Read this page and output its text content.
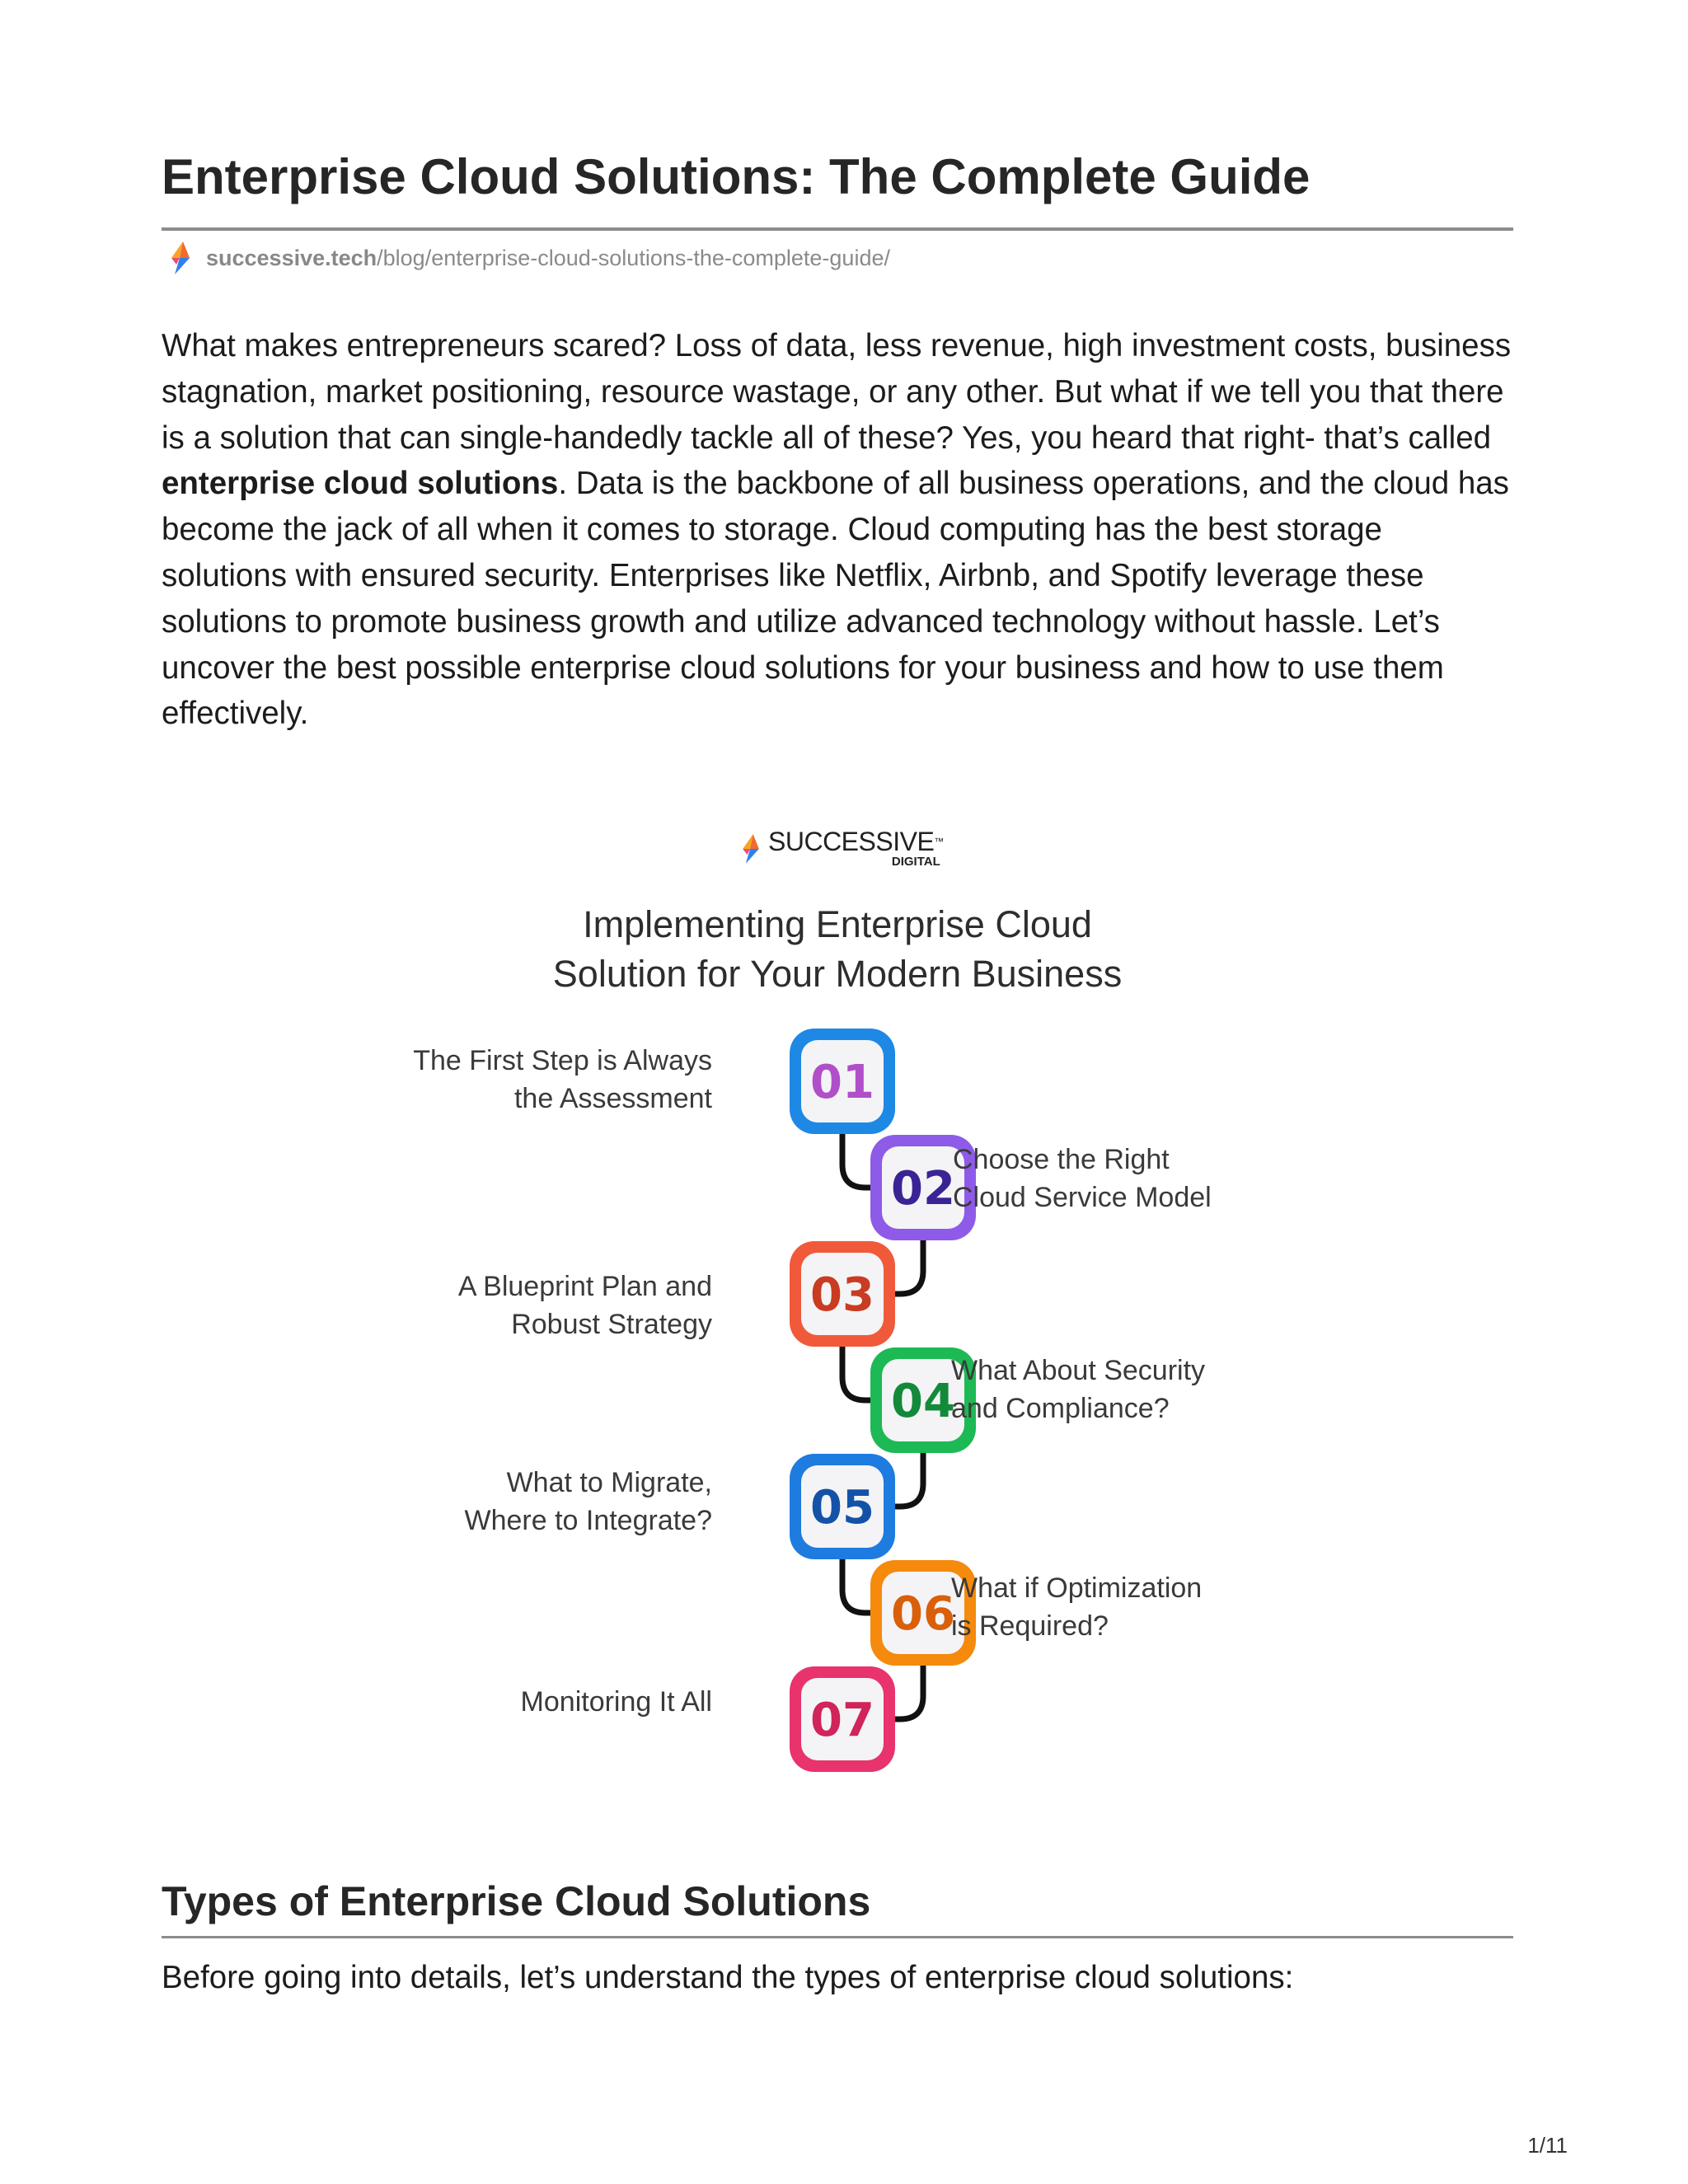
Enterprise Cloud Solutions: The Complete Guide
successive.tech/blog/enterprise-cloud-solutions-the-complete-guide/

What makes entrepreneurs scared? Loss of data, less revenue, high investment costs, business stagnation, market positioning, resource wastage, or any other. But what if we tell you that there is a solution that can single-handedly tackle all of these? Yes, you heard that right- that’s called enterprise cloud solutions. Data is the backbone of all business operations, and the cloud has become the jack of all when it comes to storage. Cloud computing has the best storage solutions with ensured security. Enterprises like Netflix, Airbnb, and Spotify leverage these solutions to promote business growth and utilize advanced technology without hassle. Let’s uncover the best possible enterprise cloud solutions for your business and how to use them effectively.

SUCCESSIVE™
DIGITAL
Implementing Enterprise Cloud
Solution for Your Modern Business
01
02
03
04
05
06
07
The First Step is Always
the Assessment
Choose the Right
Cloud Service Model
A Blueprint Plan and
Robust Strategy
What About Security
and Compliance?
What to Migrate,
Where to Integrate?
What if Optimization
is Required?
Monitoring It All
Types of Enterprise Cloud Solutions

Before going into details, let’s understand the types of enterprise cloud solutions:

1/11
